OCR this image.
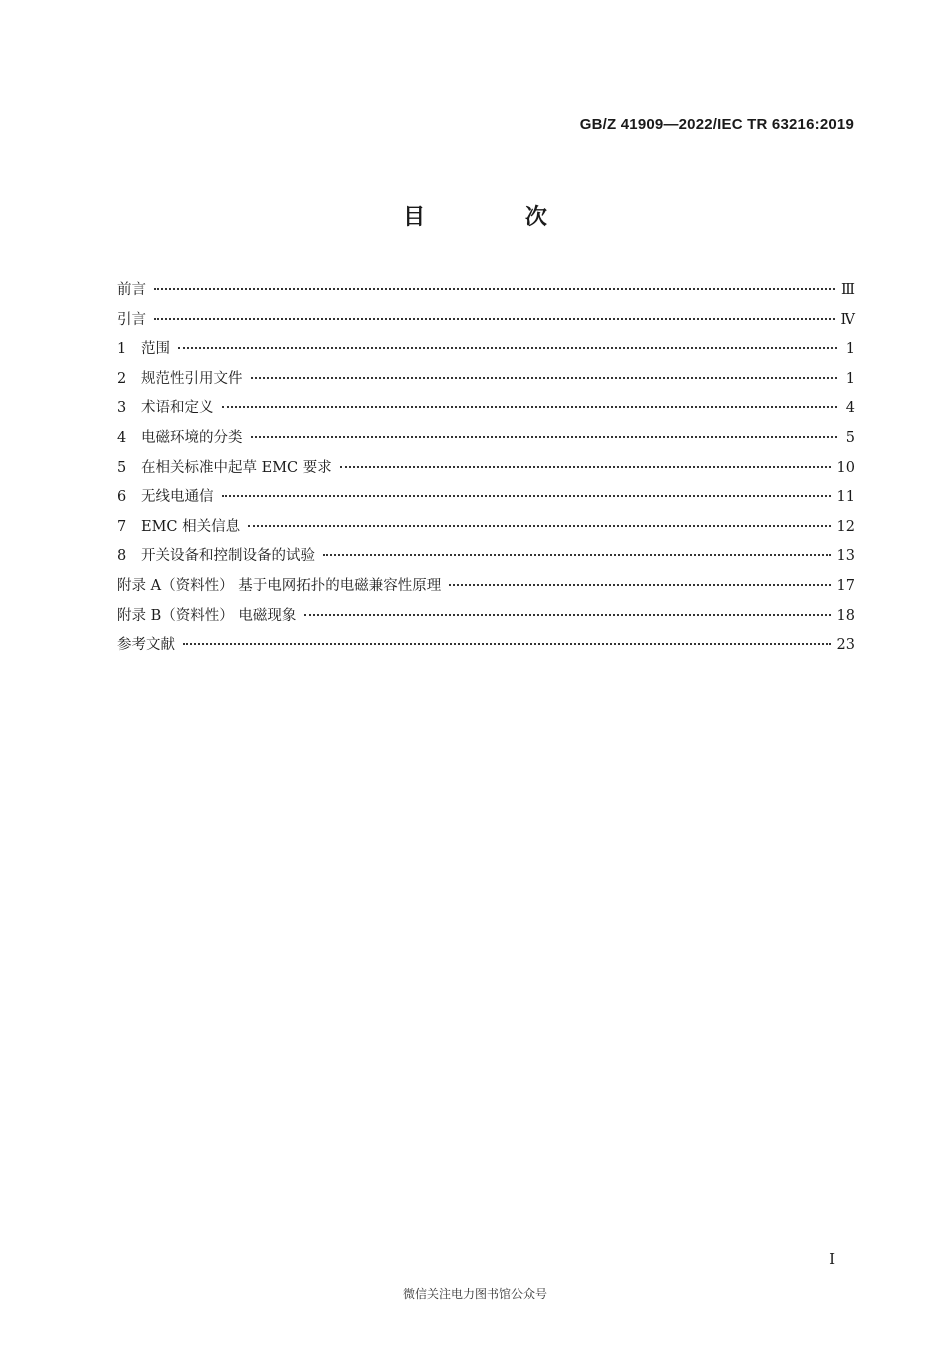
GB/Z 41909—2022/IEC TR 63216:2019
目 次
前言	Ⅲ
引言	Ⅳ
1	范围	1
2	规范性引用文件	1
3	术语和定义	4
4	电磁环境的分类	5
5	在相关标准中起草 EMC 要求	10
6	无线电通信	11
7	EMC 相关信息	12
8	开关设备和控制设备的试验	13
附录 A（资料性） 基于电网拓扑的电磁兼容性原理	17
附录 B（资料性） 电磁现象	18
参考文献	23
I
微信关注电力图书馆公众号
